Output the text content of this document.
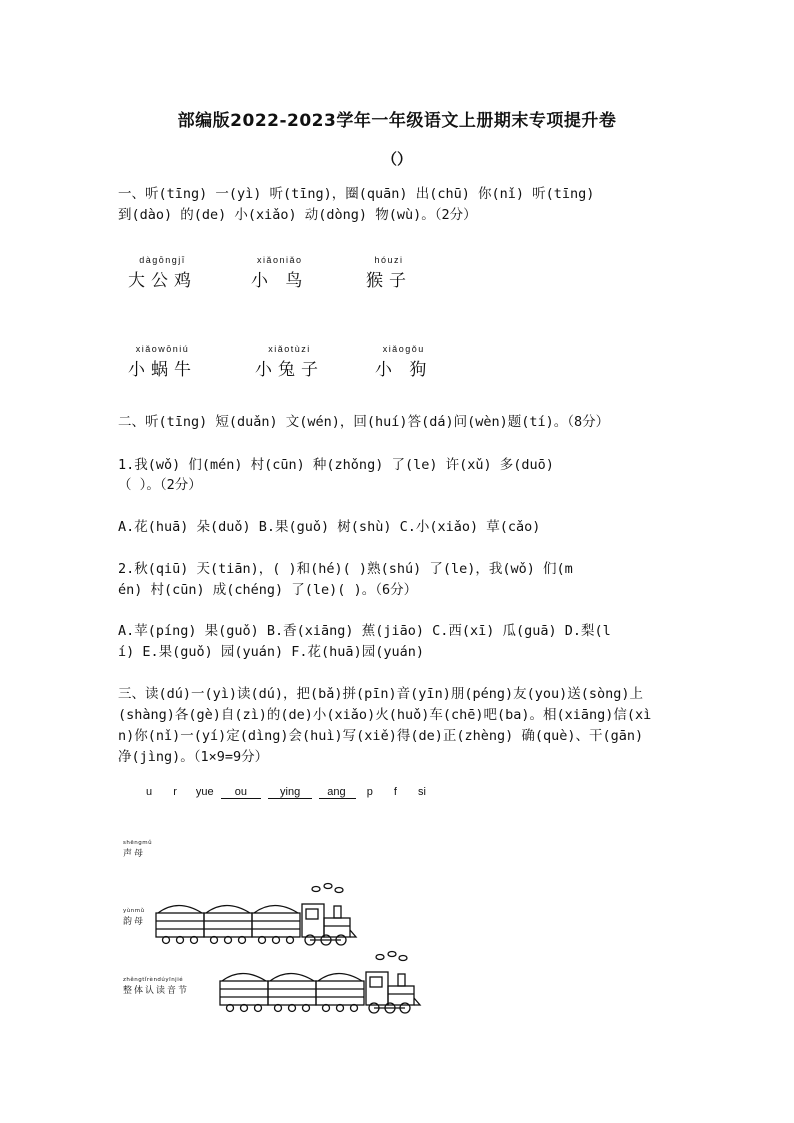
部编版2022-2023学年一年级语文上册期末专项提升卷
（）
一、听(tīng) 一(yì) 听(tīng)，圈(quān) 出(chū) 你(nǐ) 听(tīng)
到(dào) 的(de) 小(xiǎo) 动(dòng) 物(wù)。（2分）
dàgōngjī
大公鸡
xiǎoniǎo
小 鸟
hóuzi
猴子
xiǎowōniú
小蜗牛
xiǎotùzi
小兔子
xiǎogǒu
小 狗
二、听(tīng) 短(duǎn) 文(wén)，回(huí)答(dá)问(wèn)题(tí)。（8分）
1.我(wǒ) 们(mén) 村(cūn) 种(zhǒng) 了(le) 许(xǔ) 多(duō)
（ ）。（2分）
A.花(huā) 朵(duǒ) B.果(guǒ) 树(shù) C.小(xiǎo) 草(cǎo)
2.秋(qiū) 天(tiān)，( )和(hé)( )熟(shú) 了(le)，我(wǒ) 们(m
én) 村(cūn) 成(chéng) 了(le)( )。（6分）
A.苹(píng) 果(guǒ) B.香(xiāng) 蕉(jiāo) C.西(xī) 瓜(guā) D.梨(l
í) E.果(guǒ) 园(yuán) F.花(huā)园(yuán)
三、读(dú)一(yì)读(dú)，把(bǎ)拼(pīn)音(yīn)朋(péng)友(you)送(sòng)上
(shàng)各(gè)自(zì)的(de)小(xiǎo)火(huǒ)车(chē)吧(ba)。相(xiāng)信(xì
n)你(nǐ)一(yí)定(dìng)会(huì)写(xiě)得(de)正(zhèng) 确(què)、干(gān)
净(jìng)。（1×9=9分）
u r yue ou	ying ang p f si
shēngmǔ
声母
yùnmǔ
韵母
zhěngtǐrèndúyīnjié
整体认读音节
